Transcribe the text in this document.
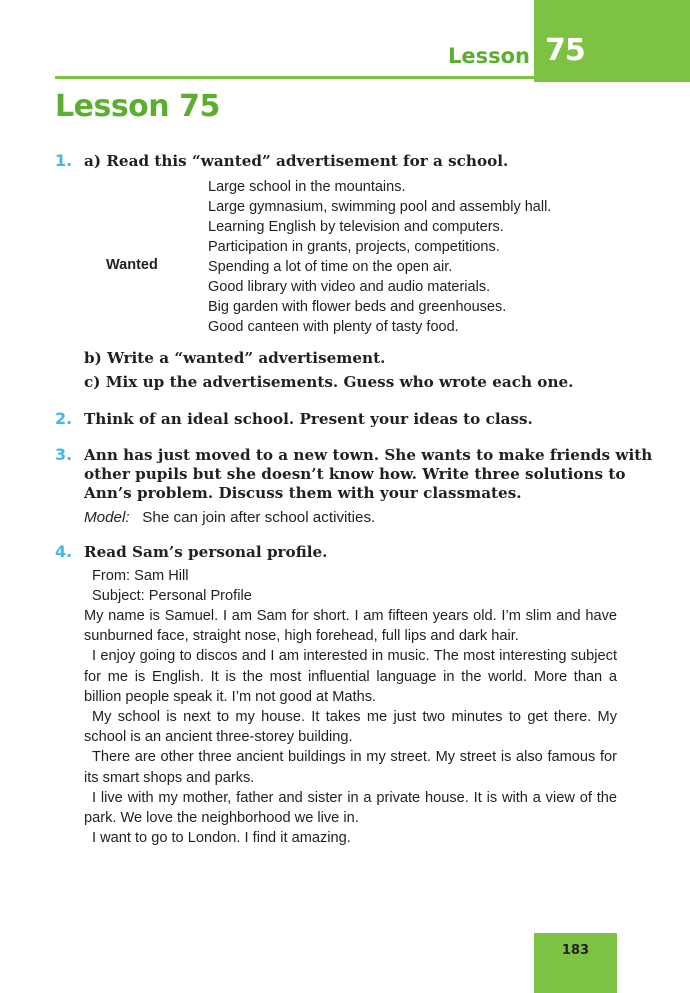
75
Lesson
Lesson 75
1. a) Read this “wanted” advertisement for a school.
Wanted
Large school in the mountains.
Large gymnasium, swimming pool and assembly hall.
Learning English by television and computers.
Participation in grants, projects, competitions.
Spending a lot of time on the open air.
Good library with video and audio materials.
Big garden with flower beds and greenhouses.
Good canteen with plenty of tasty food.
b) Write a “wanted” advertisement.
c) Mix up the advertisements. Guess who wrote each one.
2. Think of an ideal school. Present your ideas to class.
3. Ann has just moved to a new town. She wants to make friends with
other pupils but she doesn’t know how. Write three solutions to
Ann’s problem. Discuss them with your classmates.
Model: She can join after school activities.
4. Read Sam’s personal profile.
From: Sam Hill
Subject: Personal Profile
My name is Samuel. I am Sam for short. I am fifteen years old. I’m slim and have sunburned face, straight nose, high forehead, full lips and dark hair.
I enjoy going to discos and I am interested in music. The most interesting subject for me is English. It is the most influential language in the world. More than a billion people speak it. I’m not good at Maths.
My school is next to my house. It takes me just two minutes to get there. My school is an ancient three-storey building.
There are other three ancient buildings in my street. My street is also famous for its smart shops and parks.
I live with my mother, father and sister in a private house. It is with a view of the park. We love the neighborhood we live in.
I want to go to London. I find it amazing.
183
